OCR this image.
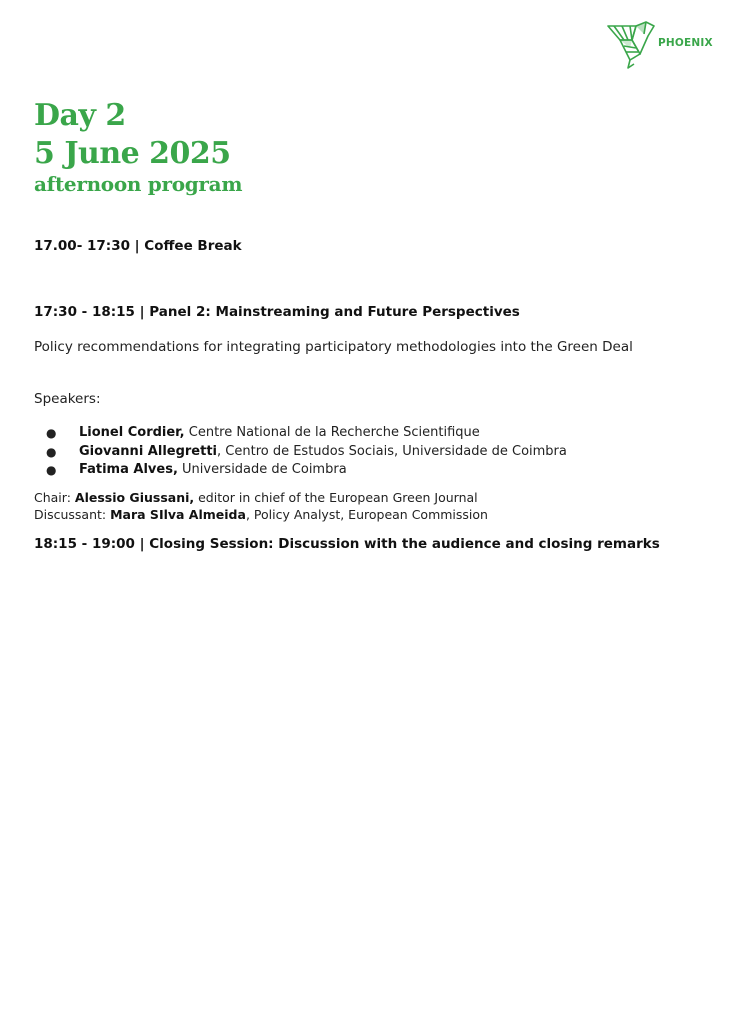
PHOENIX
Day 2
5 June 2025
afternoon program
17.00- 17:30 | Coffee Break
17:30 - 18:15 | Panel 2: Mainstreaming and Future Perspectives
Policy recommendations for integrating participatory methodologies into the Green Deal
Speakers:
● Lionel Cordier, Centre National de la Recherche Scientifique
● Giovanni Allegretti, Centro de Estudos Sociais, Universidade de Coimbra
● Fatima Alves, Universidade de Coimbra
Chair: Alessio Giussani, editor in chief of the European Green Journal
Discussant: Mara SIlva Almeida, Policy Analyst, European Commission
18:15 - 19:00 | Closing Session: Discussion with the audience and closing remarks
